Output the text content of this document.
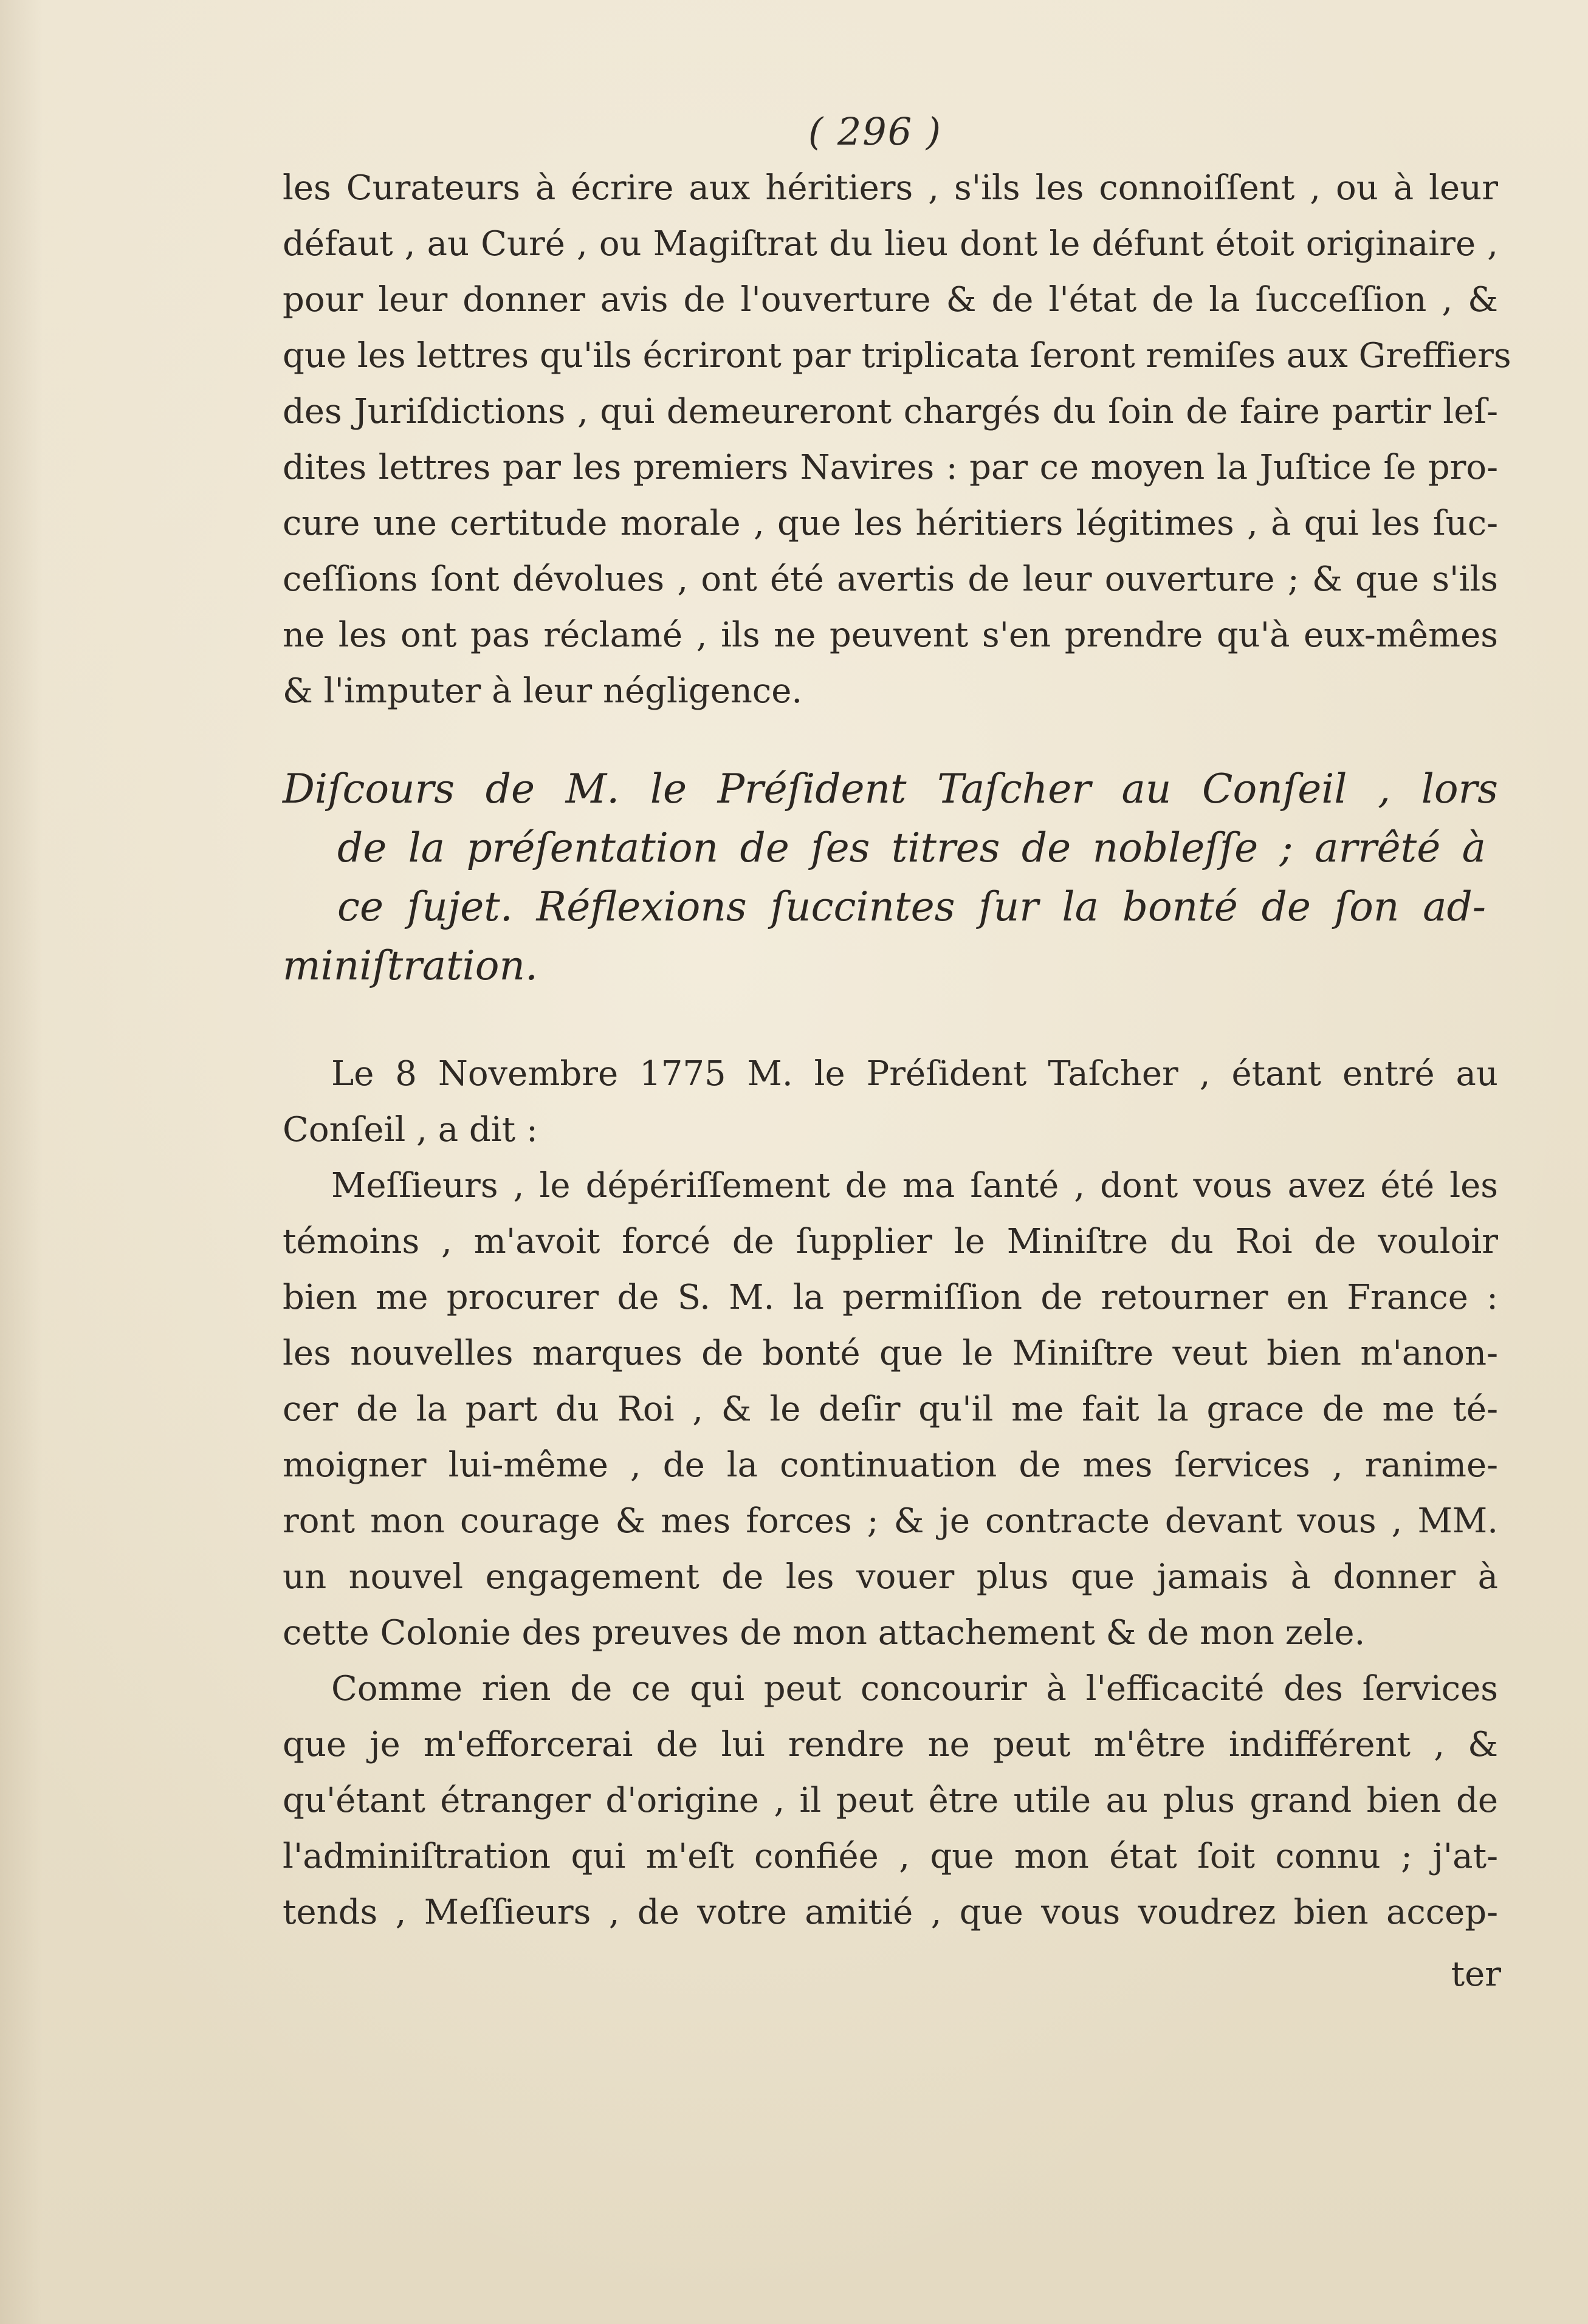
( 296 )
les Curateurs à écrire aux héritiers , s'ils les connoiſſent , ou à leur
défaut , au Curé , ou Magiſtrat du lieu dont le défunt étoit originaire ,
pour leur donner avis de l'ouverture & de l'état de la ſucceſſion , &
que les lettres qu'ils écriront par triplicata ſeront remiſes aux Greffiers
des Juriſdictions , qui demeureront chargés du ſoin de faire partir leſ-
dites lettres par les premiers Navires : par ce moyen la Juſtice ſe pro-
cure une certitude morale , que les héritiers légitimes , à qui les ſuc-
ceſſions ſont dévolues , ont été avertis de leur ouverture ; & que s'ils
ne les ont pas réclamé , ils ne peuvent s'en prendre qu'à eux-mêmes
& l'imputer à leur négligence.
Diſcours de M. le Préſident Taſcher au Conſeil , lors
de la préſentation de ſes titres de nobleſſe ; arrêté à
ce ſujet. Réflexions ſuccintes ſur la bonté de ſon ad-
miniſtration.
Le 8 Novembre 1775 M. le Préſident Taſcher , étant entré au
Conſeil , a dit :
Meſſieurs , le dépériſſement de ma ſanté , dont vous avez été les
témoins , m'avoit forcé de ſupplier le Miniſtre du Roi de vouloir
bien me procurer de S. M. la permiſſion de retourner en France :
les nouvelles marques de bonté que le Miniſtre veut bien m'anon-
cer de la part du Roi , & le deſir qu'il me fait la grace de me té-
moigner lui-même , de la continuation de mes ſervices , ranime-
ront mon courage & mes forces ; & je contracte devant vous , MM.
un nouvel engagement de les vouer plus que jamais à donner à
cette Colonie des preuves de mon attachement & de mon zele.
Comme rien de ce qui peut concourir à l'efficacité des ſervices
que je m'efforcerai de lui rendre ne peut m'être indifférent , &
qu'étant étranger d'origine , il peut être utile au plus grand bien de
l'adminiſtration qui m'eſt confiée , que mon état ſoit connu ; j'at-
tends , Meſſieurs , de votre amitié , que vous voudrez bien accep-
ter
